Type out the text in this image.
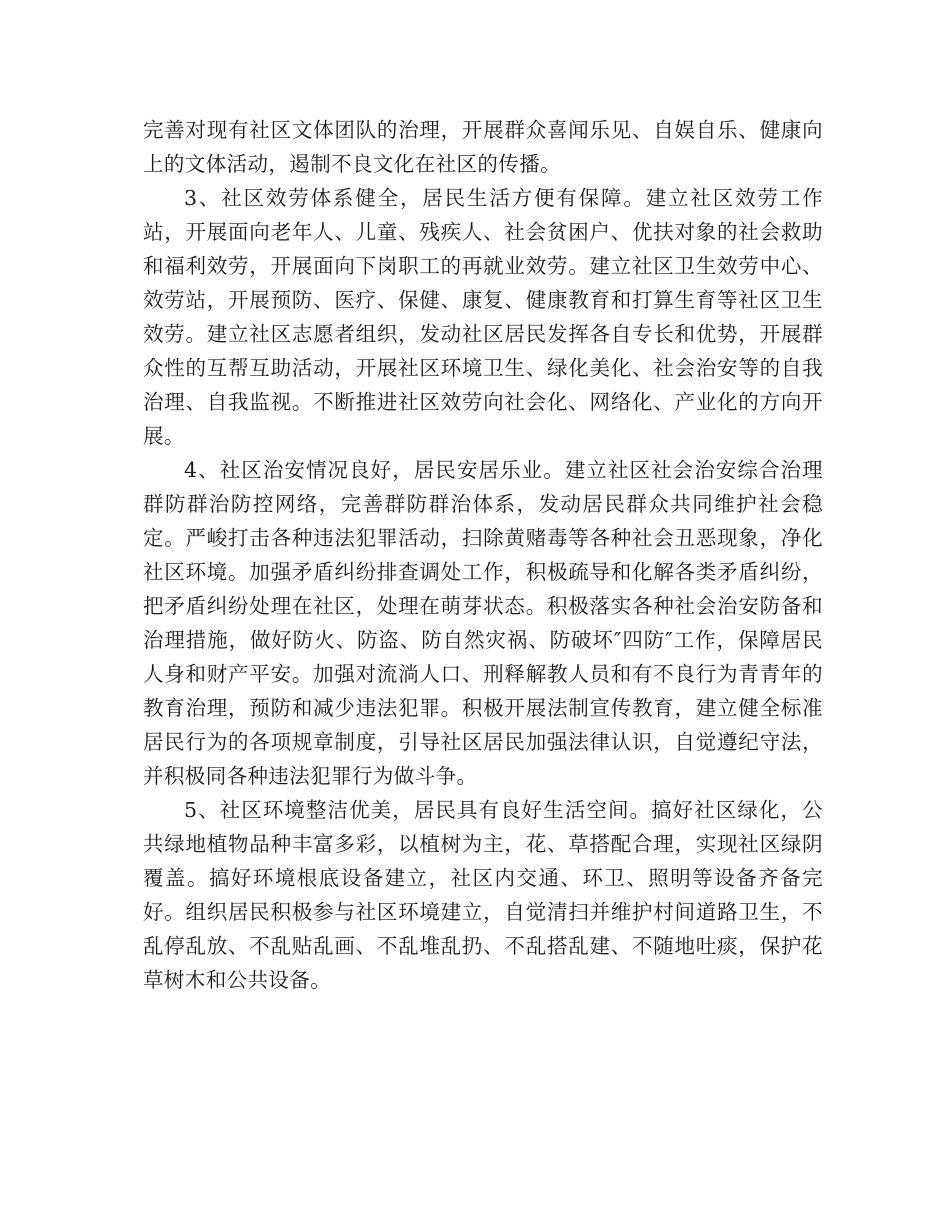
完善对现有社区文体团队的治理，开展群众喜闻乐见、自娱自乐、健康向上的文体活动，遏制不良文化在社区的传播。

3、社区效劳体系健全，居民生活方便有保障。建立社区效劳工作站，开展面向老年人、儿童、残疾人、社会贫困户、优扶对象的社会救助和福利效劳，开展面向下岗职工的再就业效劳。建立社区卫生效劳中心、效劳站，开展预防、医疗、保健、康复、健康教育和打算生育等社区卫生效劳。建立社区志愿者组织，发动社区居民发挥各自专长和优势，开展群众性的互帮互助活动，开展社区环境卫生、绿化美化、社会治安等的自我治理、自我监视。不断推进社区效劳向社会化、网络化、产业化的方向开展。

4、社区治安情况良好，居民安居乐业。建立社区社会治安综合治理群防群治防控网络，完善群防群治体系，发动居民群众共同维护社会稳定。严峻打击各种违法犯罪活动，扫除黄赌毒等各种社会丑恶现象，净化社区环境。加强矛盾纠纷排查调处工作，积极疏导和化解各类矛盾纠纷，把矛盾纠纷处理在社区，处理在萌芽状态。积极落实各种社会治安防备和治理措施，做好防火、防盗、防自然灾祸、防破坏″四防″工作，保障居民人身和财产平安。加强对流淌人口、刑释解教人员和有不良行为青青年的教育治理，预防和减少违法犯罪。积极开展法制宣传教育，建立健全标准居民行为的各项规章制度，引导社区居民加强法律认识，自觉遵纪守法，并积极同各种违法犯罪行为做斗争。

5、社区环境整洁优美，居民具有良好生活空间。搞好社区绿化，公共绿地植物品种丰富多彩，以植树为主，花、草搭配合理，实现社区绿阴覆盖。搞好环境根底设备建立，社区内交通、环卫、照明等设备齐备完好。组织居民积极参与社区环境建立，自觉清扫并维护村间道路卫生，不乱停乱放、不乱贴乱画、不乱堆乱扔、不乱搭乱建、不随地吐痰，保护花草树木和公共设备。
